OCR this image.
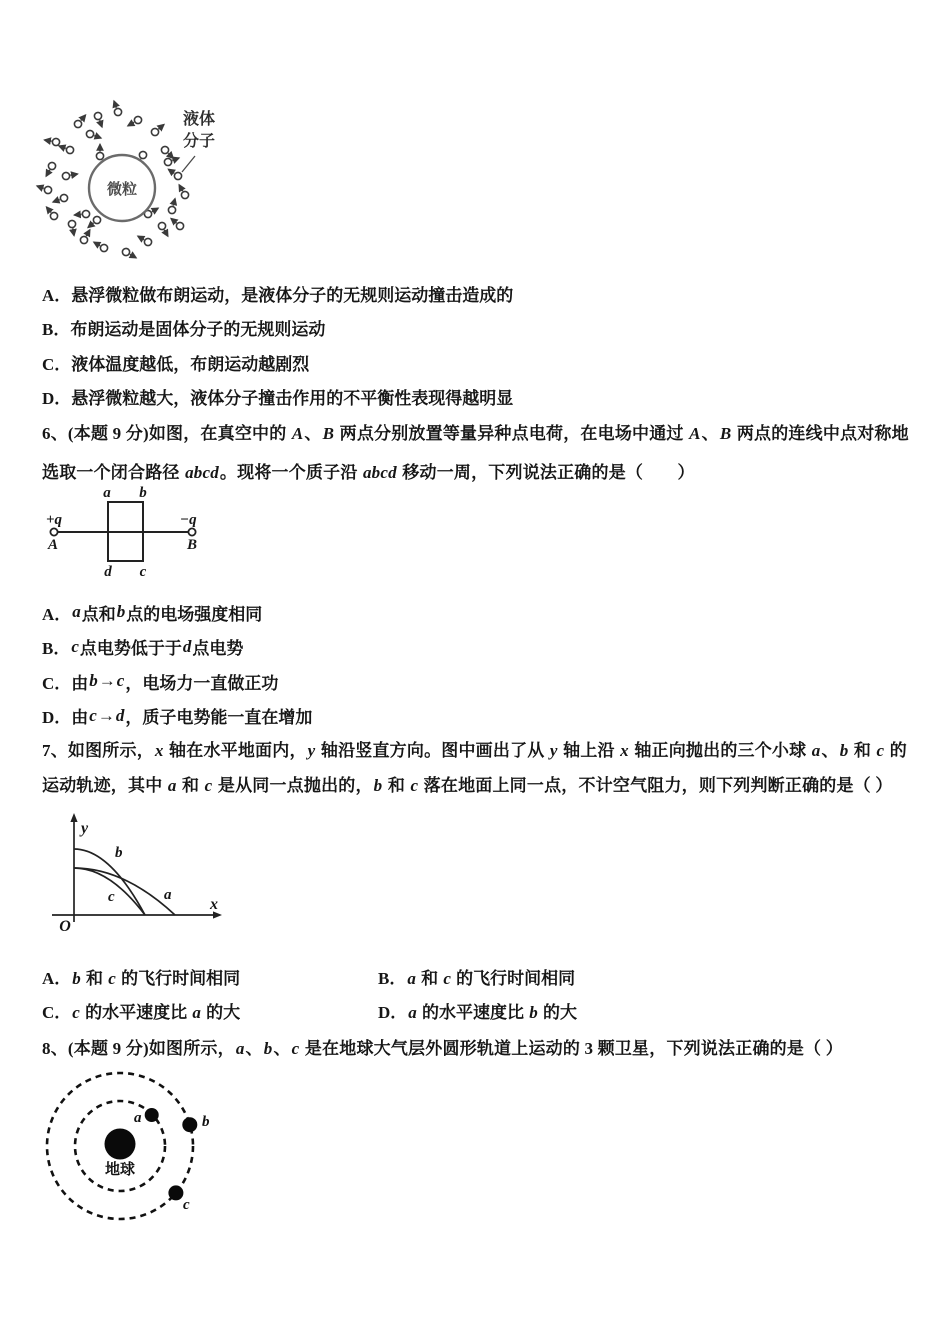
微粒
液体
分子
A． 悬浮微粒做布朗运动，是液体分子的无规则运动撞击造成的
B． 布朗运动是固体分子的无规则运动
C． 液体温度越低，布朗运动越剧烈
D． 悬浮微粒越大，液体分子撞击作用的不平衡性表现得越明显
6、(本题 9 分)如图，在真空中的 A、B 两点分别放置等量异种点电荷，在电场中通过 A、B 两点的连线中点对称地选取一个闭合路径 abcd。现将一个质子沿 abcd 移动一周，下列说法正确的是（　　）
+q
A
−q
B
a b
d c
A． a 点和 b 点的电场强度相同
B． c 点电势低于于 d 点电势
C． 由 b → c ，电场力一直做正功
D． 由 c → d ，质子电势能一直在增加
7、如图所示，x 轴在水平地面内，y 轴沿竖直方向。图中画出了从 y 轴上沿 x 轴正向抛出的三个小球 a、b 和 c 的运动轨迹，其中 a 和 c 是从同一点抛出的，b 和 c 落在地面上同一点，不计空气阻力，则下列判断正确的是（ ）
y
x
O
b
c	a
A．b 和 c 的飞行时间相同	B．a 和 c 的飞行时间相同
C．c 的水平速度比 a 的大	D．a 的水平速度比 b 的大
8、(本题 9 分)如图所示，a、b、c 是在地球大气层外圆形轨道上运动的 3 颗卫星，下列说法正确的是（ ）
地球
a	b
c
